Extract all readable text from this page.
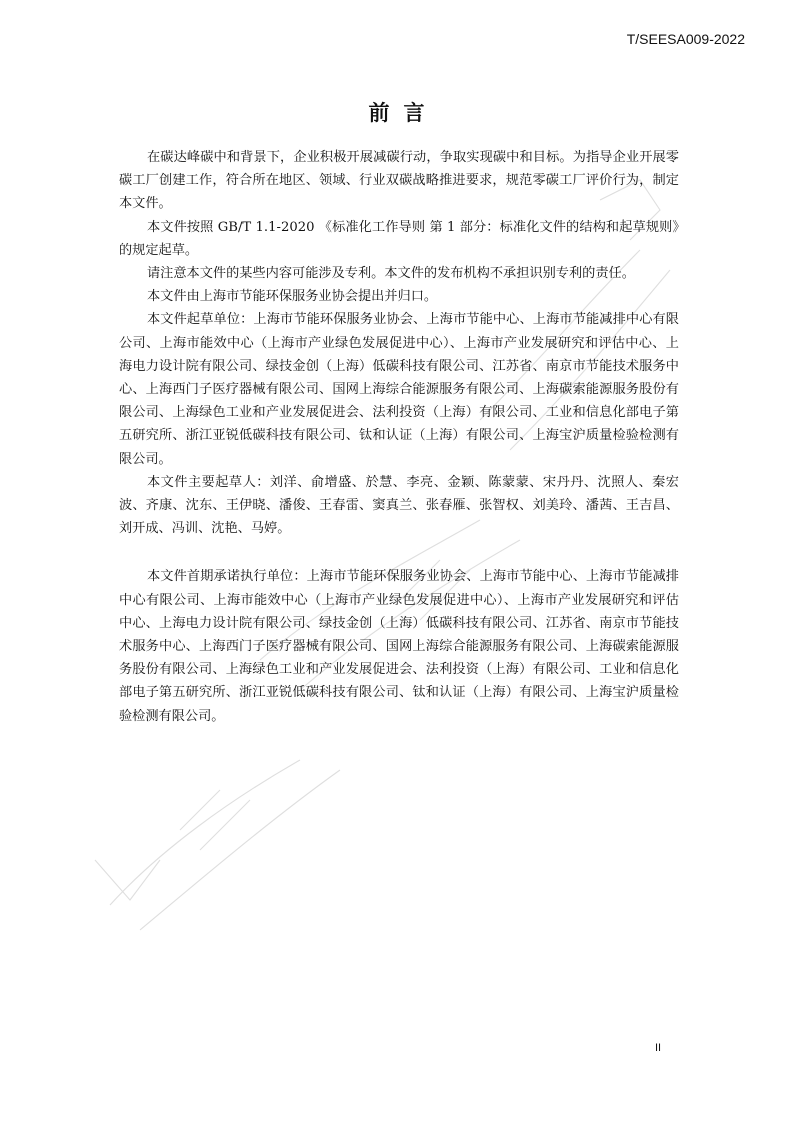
T/SEESA009-2022
前言

在碳达峰碳中和背景下，企业积极开展减碳行动，争取实现碳中和目标。为指导企业开展零碳工厂创建工作，符合所在地区、领域、行业双碳战略推进要求，规范零碳工厂评价行为，制定本文件。

本文件按照 GB/T 1.1-2020 《标准化工作导则 第 1 部分：标准化文件的结构和起草规则》的规定起草。

请注意本文件的某些内容可能涉及专利。本文件的发布机构不承担识别专利的责任。

本文件由上海市节能环保服务业协会提出并归口。

本文件起草单位：上海市节能环保服务业协会、上海市节能中心、上海市节能减排中心有限公司、上海市能效中心（上海市产业绿色发展促进中心）、上海市产业发展研究和评估中心、上海电力设计院有限公司、绿技金创（上海）低碳科技有限公司、江苏省、南京市节能技术服务中心、上海西门子医疗器械有限公司、国网上海综合能源服务有限公司、上海碳索能源服务股份有限公司、上海绿色工业和产业发展促进会、法利投资（上海）有限公司、工业和信息化部电子第五研究所、浙江亚锐低碳科技有限公司、钛和认证（上海）有限公司、上海宝沪质量检验检测有限公司。

本文件主要起草人：刘洋、俞增盛、於慧、李亮、金颖、陈蒙蒙、宋丹丹、沈照人、秦宏波、齐康、沈东、王伊晓、潘俊、王春雷、窦真兰、张春雁、张智权、刘美玲、潘茜、王吉昌、刘开成、冯训、沈艳、马婷。

本文件首期承诺执行单位：上海市节能环保服务业协会、上海市节能中心、上海市节能减排中心有限公司、上海市能效中心（上海市产业绿色发展促进中心）、上海市产业发展研究和评估中心、上海电力设计院有限公司、绿技金创（上海）低碳科技有限公司、江苏省、南京市节能技术服务中心、上海西门子医疗器械有限公司、国网上海综合能源服务有限公司、上海碳索能源服务股份有限公司、上海绿色工业和产业发展促进会、法利投资（上海）有限公司、工业和信息化部电子第五研究所、浙江亚锐低碳科技有限公司、钛和认证（上海）有限公司、上海宝沪质量检验检测有限公司。

II
